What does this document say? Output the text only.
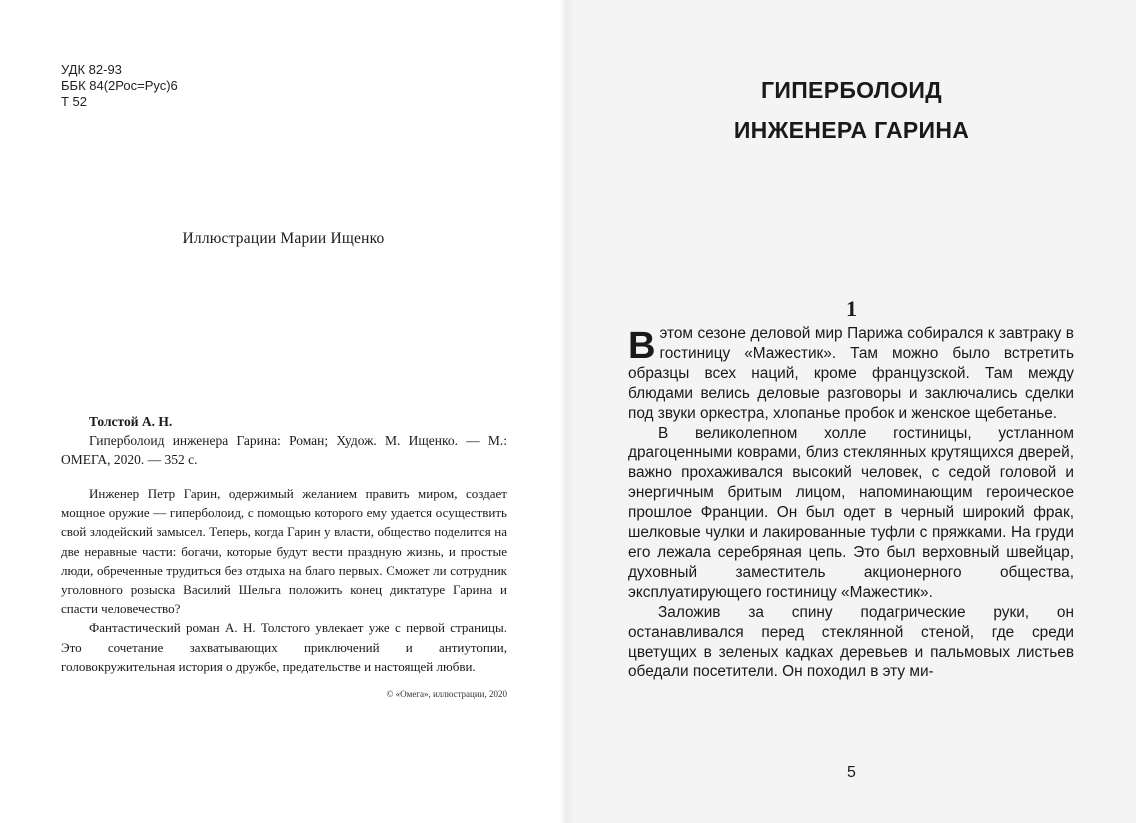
УДК 82-93
ББК 84(2Рос=Рус)6
Т 52
Иллюстрации Марии Ищенко
Толстой А. Н.

Гиперболоид инженера Гарина: Роман; Худож. М. Ищенко. — М.: ОМЕГА, 2020. — 352 с.

Инженер Петр Гарин, одержимый желанием править миром, создает мощное оружие — гиперболоид, с помощью которого ему удается осуществить свой злодейский замысел. Теперь, когда Гарин у власти, общество поделится на две неравные части: богачи, которые будут вести праздную жизнь, и простые люди, обреченные трудиться без отдыха на благо первых. Сможет ли сотрудник уголовного розыска Василий Шельга положить конец диктатуре Гарина и спасти человечество?

Фантастический роман А. Н. Толстого увлекает уже с первой страницы. Это сочетание захватывающих приключений и антиутопии, головокружительная история о дружбе, предательстве и настоящей любви.

© «Омега», иллюстрации, 2020
ГИПЕРБОЛОИД
ИНЖЕНЕРА ГАРИНА
1

В этом сезоне деловой мир Парижа собирался к завтраку в гостиницу «Мажестик». Там можно было встретить образцы всех наций, кроме французской. Там между блюдами велись деловые разговоры и заключались сделки под звуки оркестра, хлопанье пробок и женское щебетанье.

В великолепном холле гостиницы, устланном драгоценными коврами, близ стеклянных крутящихся дверей, важно прохаживался высокий человек, с седой головой и энергичным бритым лицом, напоминающим героическое прошлое Франции. Он был одет в черный широкий фрак, шелковые чулки и лакированные туфли с пряжками. На груди его лежала серебряная цепь. Это был верховный швейцар, духовный заместитель акционерного общества, эксплуатирующего гостиницу «Мажестик».

Заложив за спину подагрические руки, он останавливался перед стеклянной стеной, где среди цветущих в зеленых кадках деревьев и пальмовых листьев обедали посетители. Он походил в эту ми-

5
